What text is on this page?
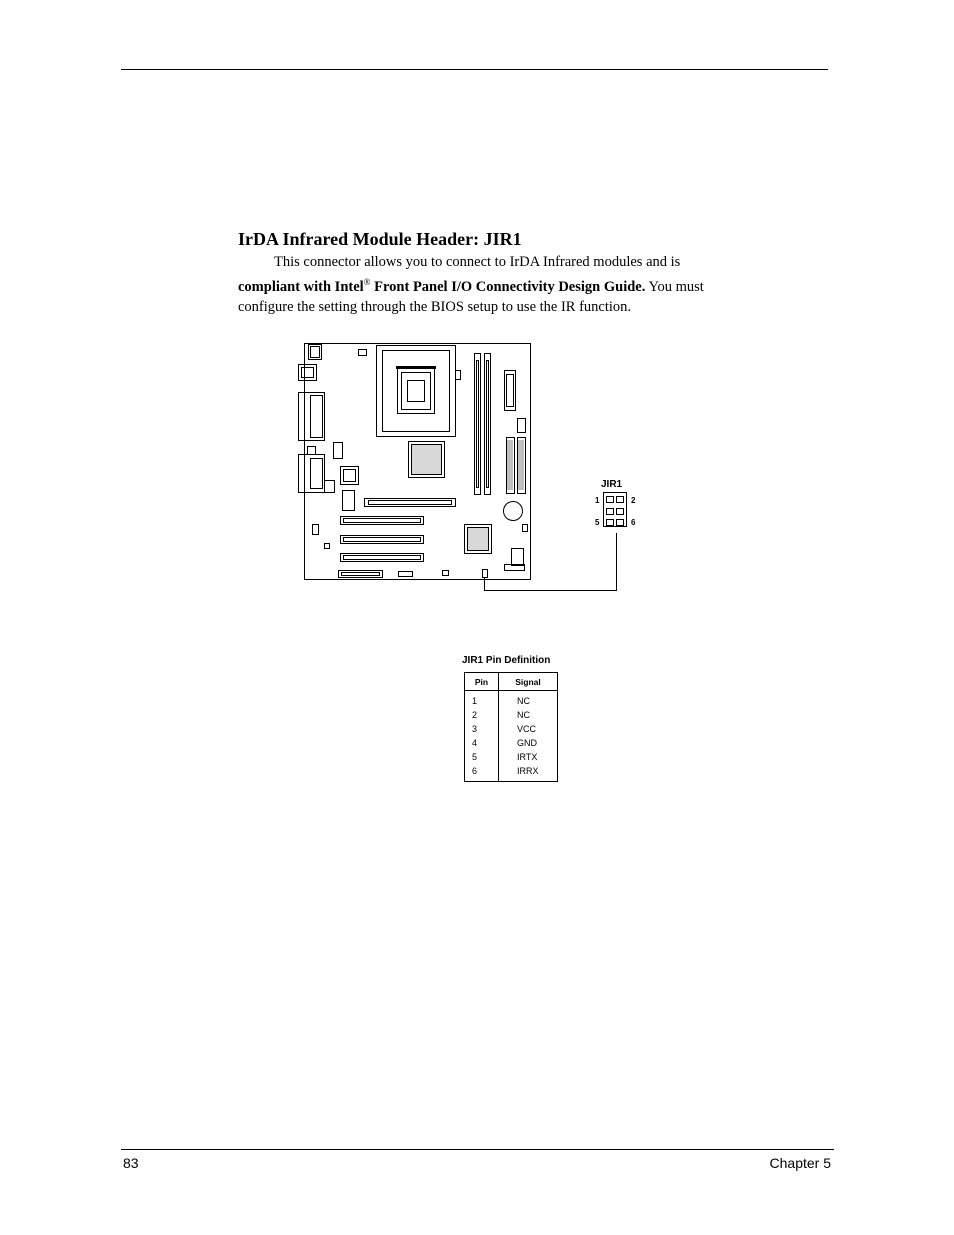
IrDA Infrared Module Header: JIR1

This connector allows you to connect to IrDA Infrared modules and is
compliant with Intel® Front Panel I/O Connectivity Design Guide. You must
configure the setting through the BIOS setup to use the IR function.

JIR1
1	2
5	6

JIR1 Pin Definition

Pin	Signal
1	NC
2	NC
3	VCC
4	GND
5	IRTX
6	IRRX
83	Chapter 5
